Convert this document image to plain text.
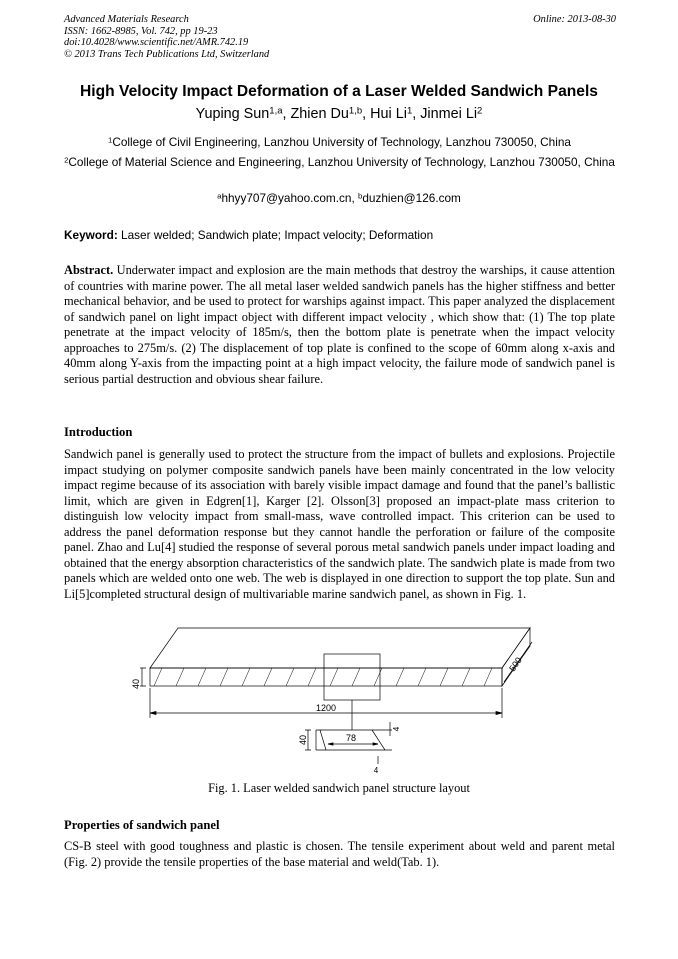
Advanced Materials Research
ISSN: 1662-8985, Vol. 742, pp 19-23
doi:10.4028/www.scientific.net/AMR.742.19
© 2013 Trans Tech Publications Ltd, Switzerland
Online: 2013-08-30
High Velocity Impact Deformation of a Laser Welded Sandwich Panels
Yuping Sun$^{1,a}$, Zhien Du$^{1,b}$, Hui Li$^1$, Jinmei Li$^2$
$^1$College of Civil Engineering, Lanzhou University of Technology, Lanzhou 730050, China
$^2$College of Material Science and Engineering, Lanzhou University of Technology, Lanzhou 730050, China
$^a$hhyy707@yahoo.com.cn, $^b$duzhien@126.com
Keyword: Laser welded; Sandwich plate; Impact velocity; Deformation

Abstract. Underwater impact and explosion are the main methods that destroy the warships, it cause attention of countries with marine power. The all metal laser welded sandwich panels has the higher stiffness and better mechanical behavior, and be used to protect for warships against impact. This paper analyzed the displacement of sandwich panel on light impact object with different impact velocity , which show that: (1) The top plate penetrate at the impact velocity of 185m/s, then the bottom plate is penetrate when the impact velocity approaches to 275m/s. (2) The displacement of top plate is confined to the scope of 60mm along x-axis and 40mm along Y-axis from the impacting point at a high impact velocity, the failure mode of sandwich panel is serious partial destruction and obvious shear failure.

Introduction

Sandwich panel is generally used to protect the structure from the impact of bullets and explosions. Projectile impact studying on polymer composite sandwich panels have been mainly concentrated in the low velocity impact regime because of its association with barely visible impact damage and found that the panel’s ballistic limit, which are given in Edgren[1], Karger [2]. Olsson[3] proposed an impact-plate mass criterion to distinguish low velocity impact from small-mass, wave controlled impact. This criterion can be used to address the panel deformation response but they cannot handle the perforation or failure of the composite panel. Zhao and Lu[4] studied the response of several porous metal sandwich panels under impact loading and obtained that the energy absorption characteristics of the sandwich plate. The sandwich plate is made from two panels which are welded onto one web. The web is displayed in one direction to support the top plate. Sun and Li[5]completed structural design of multivariable marine sandwich panel, as shown in Fig. 1.

40
1200
500
40	78
4
4
Fig. 1. Laser welded sandwich panel structure layout
Properties of sandwich panel

CS-B steel with good toughness and plastic is chosen. The tensile experiment about weld and parent metal (Fig. 2) provide the tensile properties of the base material and weld(Tab. 1).
